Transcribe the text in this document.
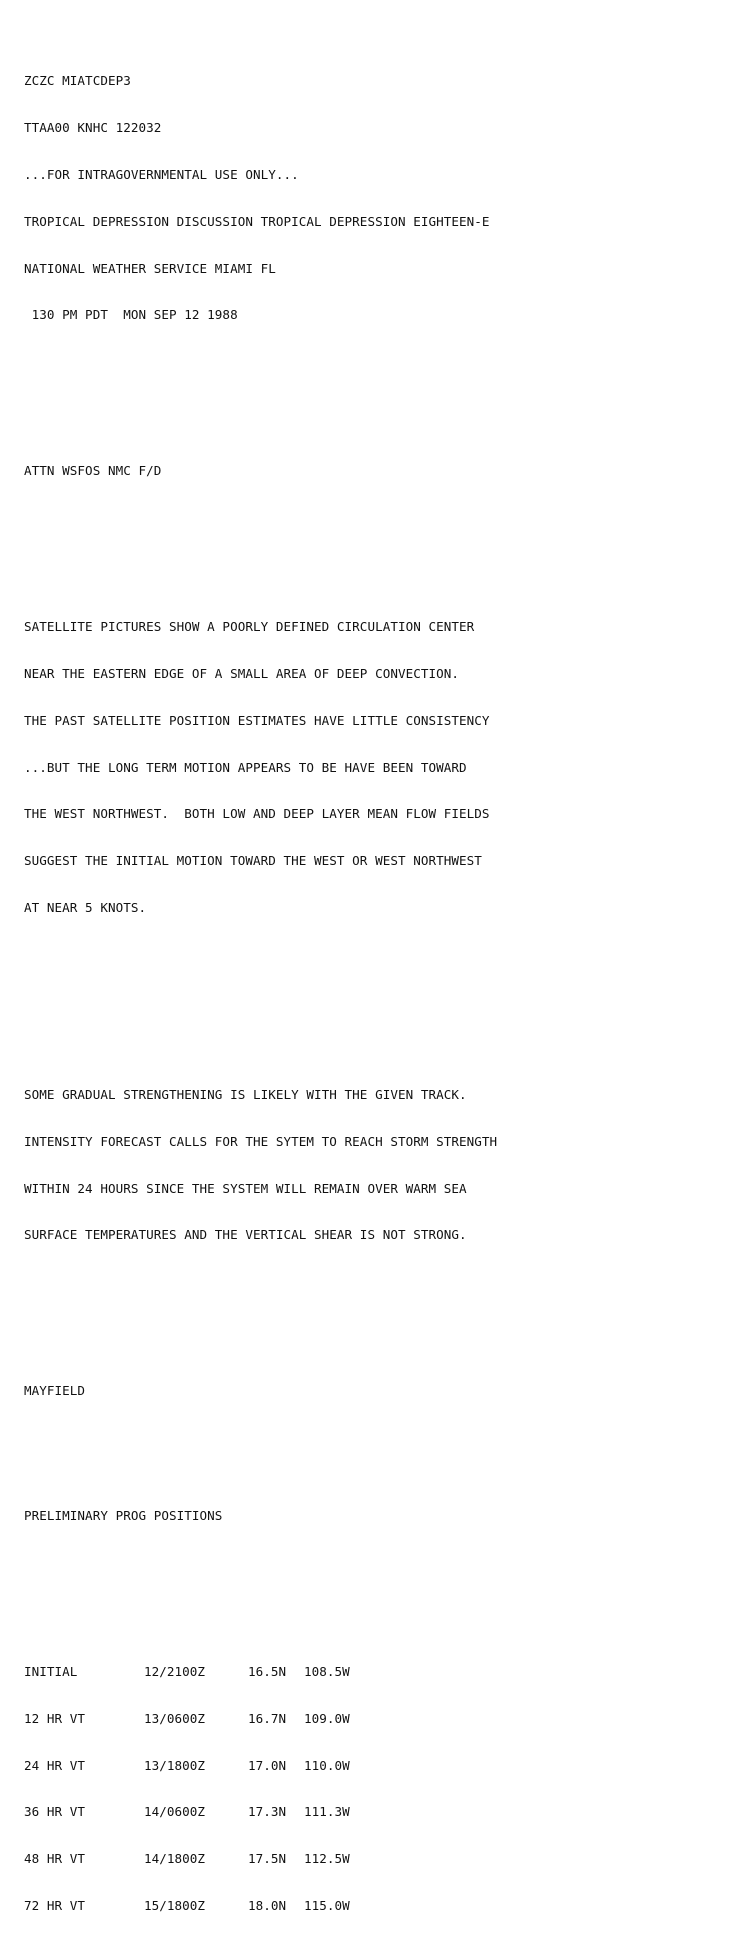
ZCZC MIATCDEP3

TTAA00 KNHC 122032

...FOR INTRAGOVERNMENTAL USE ONLY...

TROPICAL DEPRESSION DISCUSSION TROPICAL DEPRESSION EIGHTEEN-E

NATIONAL WEATHER SERVICE MIAMI FL

130 PM PDT  MON SEP 12 1988

ATTN WSFOS NMC F/D

SATELLITE PICTURES SHOW A POORLY DEFINED CIRCULATION CENTER

NEAR THE EASTERN EDGE OF A SMALL AREA OF DEEP CONVECTION.

THE PAST SATELLITE POSITION ESTIMATES HAVE LITTLE CONSISTENCY

...BUT THE LONG TERM MOTION APPEARS TO BE HAVE BEEN TOWARD

THE WEST NORTHWEST.  BOTH LOW AND DEEP LAYER MEAN FLOW FIELDS

SUGGEST THE INITIAL MOTION TOWARD THE WEST OR WEST NORTHWEST

AT NEAR 5 KNOTS.

SOME GRADUAL STRENGTHENING IS LIKELY WITH THE GIVEN TRACK.

INTENSITY FORECAST CALLS FOR THE SYTEM TO REACH STORM STRENGTH

WITHIN 24 HOURS SINCE THE SYSTEM WILL REMAIN OVER WARM SEA

SURFACE TEMPERATURES AND THE VERTICAL SHEAR IS NOT STRONG.

MAYFIELD

PRELIMINARY PROG POSITIONS

INITIAL	12/2100Z	16.5N 108.5W

12 HR VT	13/0600Z	16.7N 109.0W

24 HR VT	13/1800Z	17.0N 110.0W

36 HR VT	14/0600Z	17.3N 111.3W

48 HR VT	14/1800Z	17.5N 112.5W

72 HR VT	15/1800Z	18.0N 115.0W
